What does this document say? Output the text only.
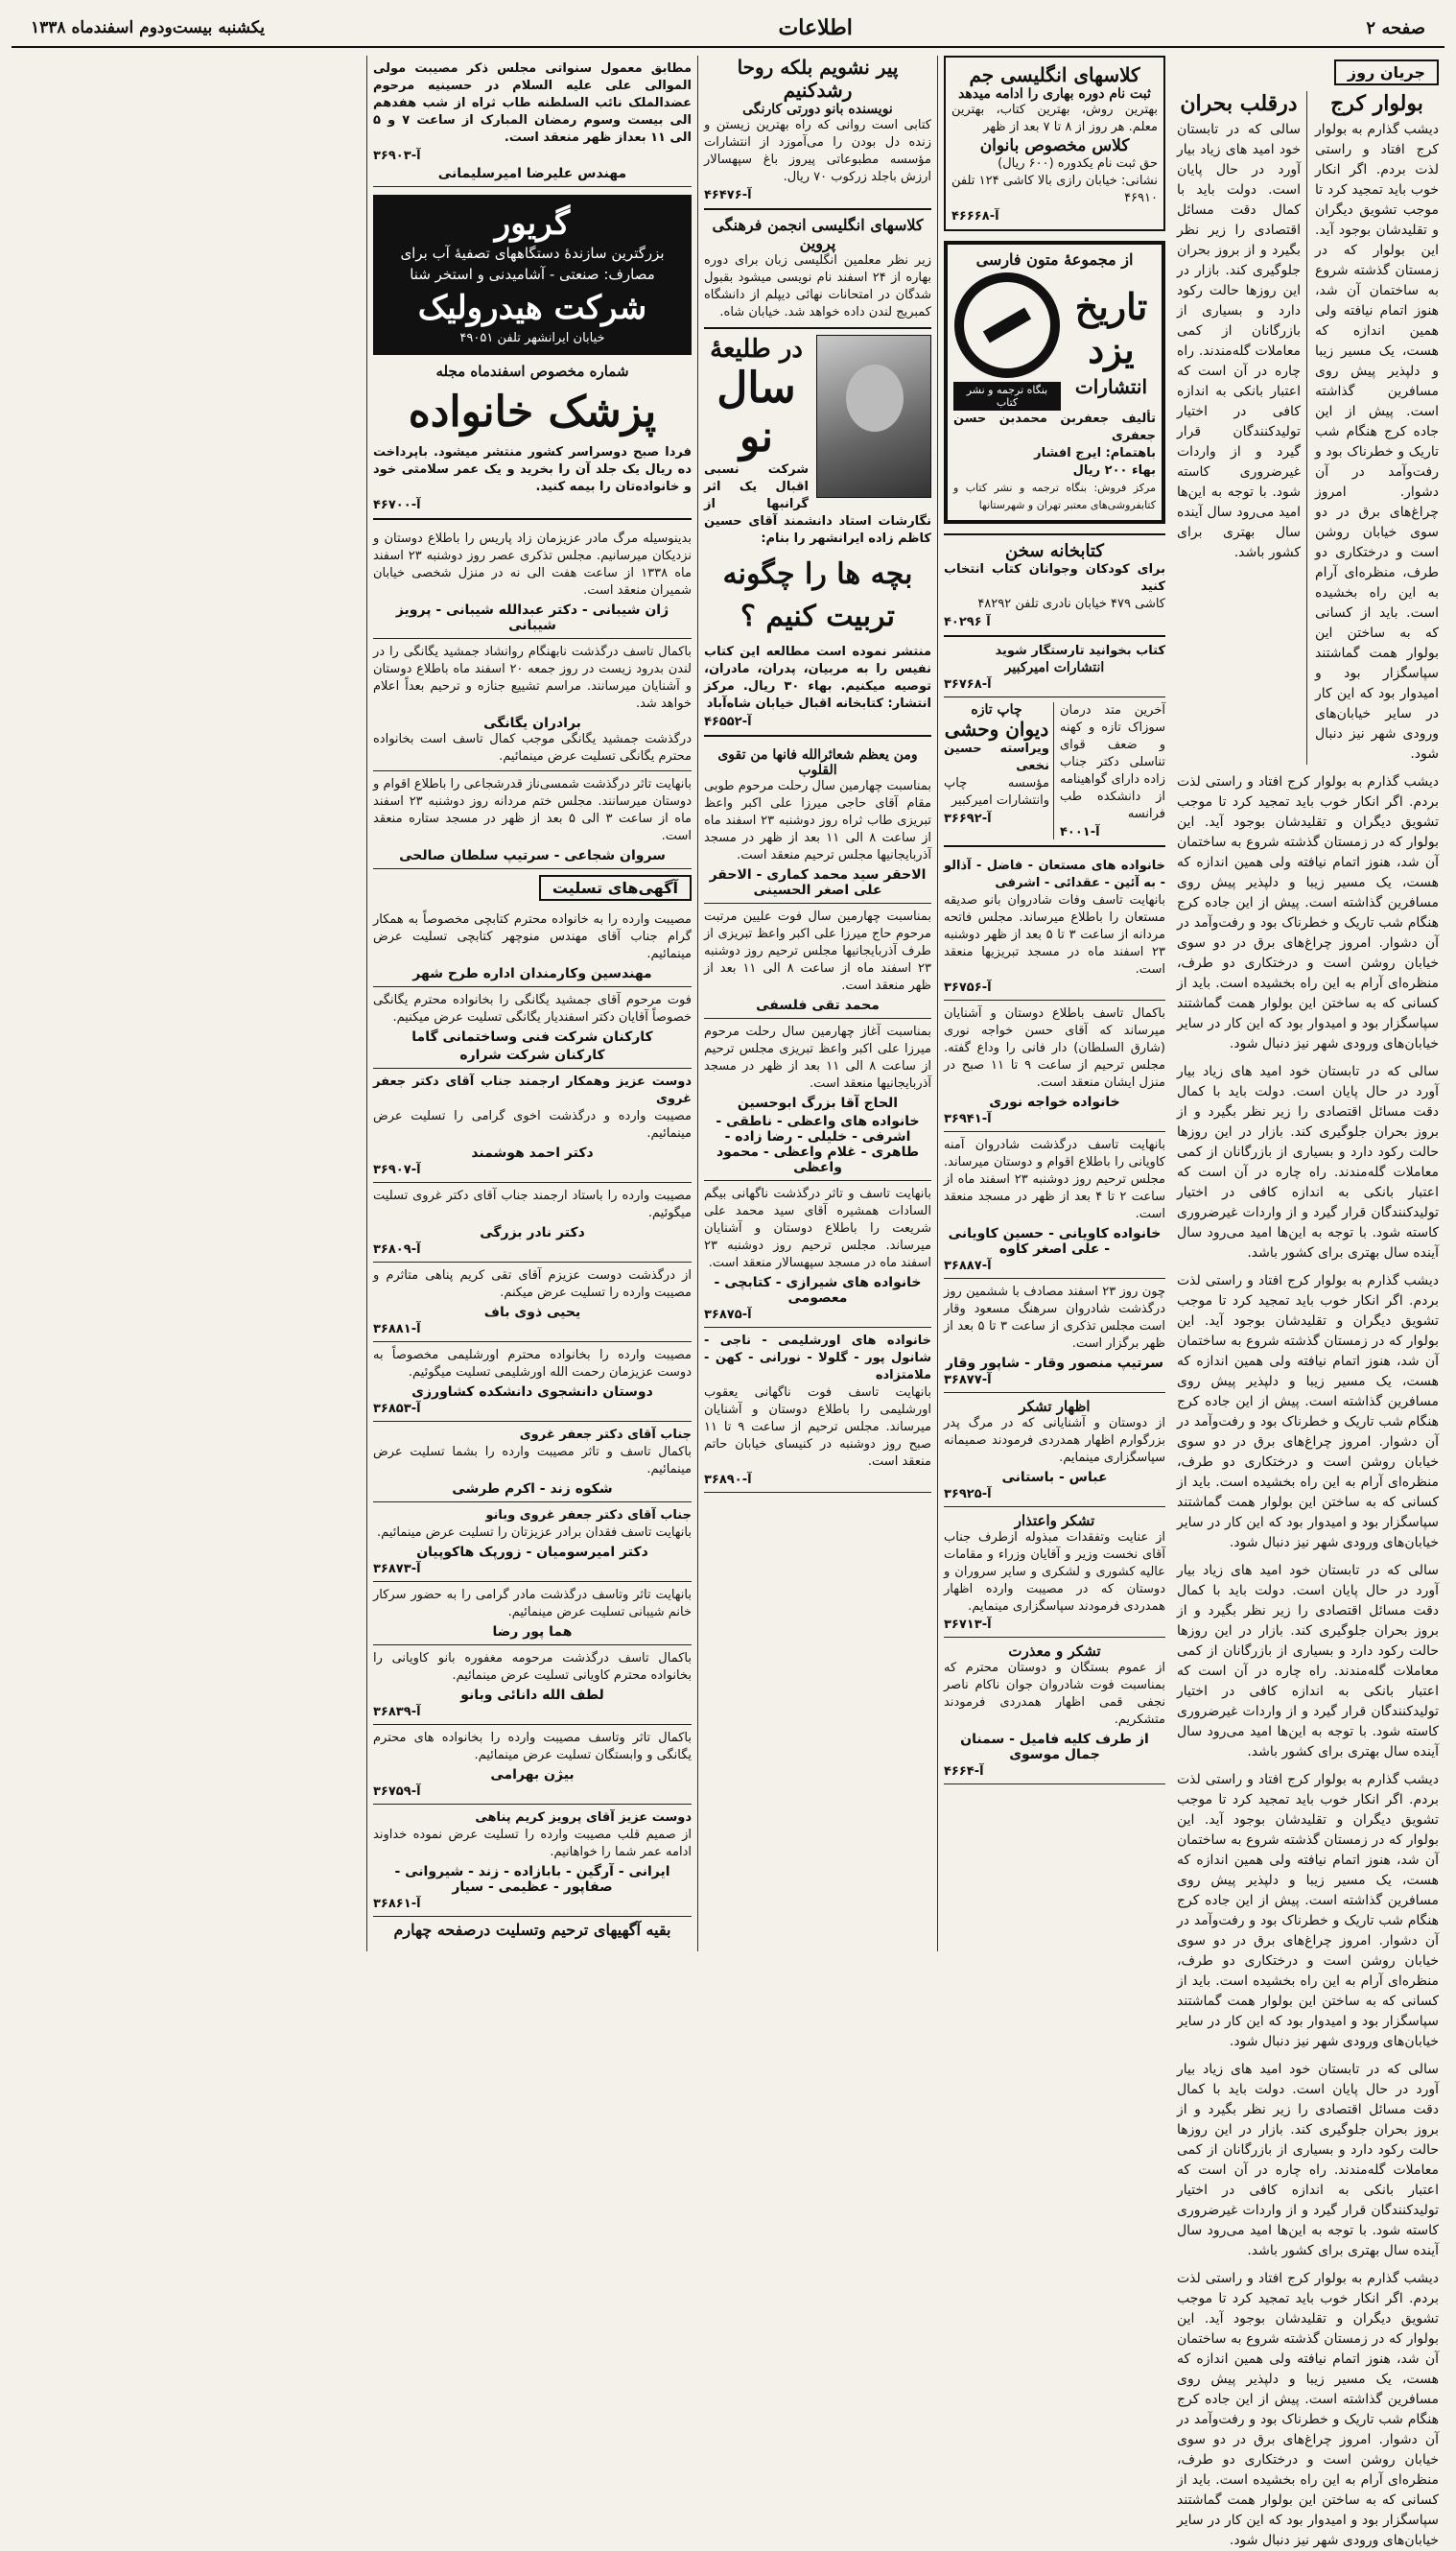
صفحه ۲
اطلاعات
یکشنبه بیست‌ودوم اسفندماه ۱۳۳۸
جریان روز
بولوار کرج
دیشب گذارم به بولوار کرج افتاد و راستی لذت بردم. اگر انکار خوب باید تمجید کرد تا موجب تشویق دیگران و تقلیدشان بوجود آید. این بولوار که در زمستان گذشته شروع به ساختمان آن شد، هنوز اتمام نیافته ولی همین اندازه که هست، یک مسیر زیبا و دلپذیر پیش روی مسافرین گذاشته است. پیش از این جاده کرج هنگام شب تاریک و خطرناک بود و رفت‌وآمد در آن دشوار. امروز چراغ‌های برق در دو سوی خیابان روشن است و درختکاری دو طرف، منظره‌ای آرام به این راه بخشیده است. باید از کسانی که به ساختن این بولوار همت گماشتند سپاسگزار بود و امیدوار بود که این کار در سایر خیابان‌های ورودی شهر نیز دنبال شود.
درقلب بحران
سالی که در تابستان خود امید های زیاد بیار آورد در حال پایان است. دولت باید با کمال دقت مسائل اقتصادی را زیر نظر بگیرد و از بروز بحران جلوگیری کند. بازار در این روزها حالت رکود دارد و بسیاری از بازرگانان از کمی معاملات گله‌مندند. راه چاره در آن است که اعتبار بانکی به اندازه کافی در اختیار تولیدکنندگان قرار گیرد و از واردات غیرضروری کاسته شود. با توجه به این‌ها امید می‌رود سال آینده سال بهتری برای کشور باشد.
دیشب گذارم به بولوار کرج افتاد و راستی لذت بردم. اگر انکار خوب باید تمجید کرد تا موجب تشویق دیگران و تقلیدشان بوجود آید. این بولوار که در زمستان گذشته شروع به ساختمان آن شد، هنوز اتمام نیافته ولی همین اندازه که هست، یک مسیر زیبا و دلپذیر پیش روی مسافرین گذاشته است. پیش از این جاده کرج هنگام شب تاریک و خطرناک بود و رفت‌وآمد در آن دشوار. امروز چراغ‌های برق در دو سوی خیابان روشن است و درختکاری دو طرف، منظره‌ای آرام به این راه بخشیده است. باید از کسانی که به ساختن این بولوار همت گماشتند سپاسگزار بود و امیدوار بود که این کار در سایر خیابان‌های ورودی شهر نیز دنبال شود.
سالی که در تابستان خود امید های زیاد بیار آورد در حال پایان است. دولت باید با کمال دقت مسائل اقتصادی را زیر نظر بگیرد و از بروز بحران جلوگیری کند. بازار در این روزها حالت رکود دارد و بسیاری از بازرگانان از کمی معاملات گله‌مندند. راه چاره در آن است که اعتبار بانکی به اندازه کافی در اختیار تولیدکنندگان قرار گیرد و از واردات غیرضروری کاسته شود. با توجه به این‌ها امید می‌رود سال آینده سال بهتری برای کشور باشد.
دیشب گذارم به بولوار کرج افتاد و راستی لذت بردم. اگر انکار خوب باید تمجید کرد تا موجب تشویق دیگران و تقلیدشان بوجود آید. این بولوار که در زمستان گذشته شروع به ساختمان آن شد، هنوز اتمام نیافته ولی همین اندازه که هست، یک مسیر زیبا و دلپذیر پیش روی مسافرین گذاشته است. پیش از این جاده کرج هنگام شب تاریک و خطرناک بود و رفت‌وآمد در آن دشوار. امروز چراغ‌های برق در دو سوی خیابان روشن است و درختکاری دو طرف، منظره‌ای آرام به این راه بخشیده است. باید از کسانی که به ساختن این بولوار همت گماشتند سپاسگزار بود و امیدوار بود که این کار در سایر خیابان‌های ورودی شهر نیز دنبال شود.
سالی که در تابستان خود امید های زیاد بیار آورد در حال پایان است. دولت باید با کمال دقت مسائل اقتصادی را زیر نظر بگیرد و از بروز بحران جلوگیری کند. بازار در این روزها حالت رکود دارد و بسیاری از بازرگانان از کمی معاملات گله‌مندند. راه چاره در آن است که اعتبار بانکی به اندازه کافی در اختیار تولیدکنندگان قرار گیرد و از واردات غیرضروری کاسته شود. با توجه به این‌ها امید می‌رود سال آینده سال بهتری برای کشور باشد.
دیشب گذارم به بولوار کرج افتاد و راستی لذت بردم. اگر انکار خوب باید تمجید کرد تا موجب تشویق دیگران و تقلیدشان بوجود آید. این بولوار که در زمستان گذشته شروع به ساختمان آن شد، هنوز اتمام نیافته ولی همین اندازه که هست، یک مسیر زیبا و دلپذیر پیش روی مسافرین گذاشته است. پیش از این جاده کرج هنگام شب تاریک و خطرناک بود و رفت‌وآمد در آن دشوار. امروز چراغ‌های برق در دو سوی خیابان روشن است و درختکاری دو طرف، منظره‌ای آرام به این راه بخشیده است. باید از کسانی که به ساختن این بولوار همت گماشتند سپاسگزار بود و امیدوار بود که این کار در سایر خیابان‌های ورودی شهر نیز دنبال شود.
سالی که در تابستان خود امید های زیاد بیار آورد در حال پایان است. دولت باید با کمال دقت مسائل اقتصادی را زیر نظر بگیرد و از بروز بحران جلوگیری کند. بازار در این روزها حالت رکود دارد و بسیاری از بازرگانان از کمی معاملات گله‌مندند. راه چاره در آن است که اعتبار بانکی به اندازه کافی در اختیار تولیدکنندگان قرار گیرد و از واردات غیرضروری کاسته شود. با توجه به این‌ها امید می‌رود سال آینده سال بهتری برای کشور باشد.
دیشب گذارم به بولوار کرج افتاد و راستی لذت بردم. اگر انکار خوب باید تمجید کرد تا موجب تشویق دیگران و تقلیدشان بوجود آید. این بولوار که در زمستان گذشته شروع به ساختمان آن شد، هنوز اتمام نیافته ولی همین اندازه که هست، یک مسیر زیبا و دلپذیر پیش روی مسافرین گذاشته است. پیش از این جاده کرج هنگام شب تاریک و خطرناک بود و رفت‌وآمد در آن دشوار. امروز چراغ‌های برق در دو سوی خیابان روشن است و درختکاری دو طرف، منظره‌ای آرام به این راه بخشیده است. باید از کسانی که به ساختن این بولوار همت گماشتند سپاسگزار بود و امیدوار بود که این کار در سایر خیابان‌های ورودی شهر نیز دنبال شود.
کلاسهای انگلیسی جم
ثبت نام دوره بهاری را ادامه میدهد
بهترین روش، بهترین کتاب، بهترین معلم. هر روز از ۸ تا ۷ بعد از ظهر
کلاس مخصوص بانوان
حق ثبت نام یکدوره (۶۰۰ ریال)
نشانی: خیابان رازی بالا کاشی ۱۲۴ تلفن ۴۶۹۱۰
آ-۴۶۶۶۸
از مجموعهٔ متون فارسی
تاریخ یزد
انتشارات
بنگاه ترجمه و نشر کتاب
تألیف جعفربن محمدبن حسن جعفری
باهتمام: ایرج افشار
بهاء ۲۰۰ ریال
مرکز فروش: بنگاه ترجمه و نشر کتاب و کتابفروشی‌های معتبر تهران و شهرستانها
کتابخانه سخن
برای کودکان وجوانان کتاب انتخاب کنید
کاشی ۴۷۹ خیابان نادری تلفن ۴۸۲۹۲
۴۰۲۹۶ آ
کتاب بخوانید تارستگار شوید
انتشارات امیرکبیر
آ-۳۶۷۶۸
آخرین متد درمان سوزاک تازه و کهنه و ضعف قوای تناسلی دکتر جناب زاده دارای گواهینامه از دانشکده طب فرانسه
آ-۴۰۰۱
چاپ تازه
دیوان وحشی
ویراسته حسین نخعی
مؤسسه چاپ وانتشارات امیرکبیر
آ-۳۶۶۹۲
خانواده های مستعان - فاضل - آذالو - به آئین - عقدائی - اشرفی
بانهایت تاسف وفات شادروان بانو صدیقه مستعان را باطلاع میرساند. مجلس فاتحه مردانه از ساعت ۳ تا ۵ بعد از ظهر دوشنبه ۲۳ اسفند ماه در مسجد تبریزیها منعقد است.
آ-۳۶۷۵۶
باکمال تاسف باطلاع دوستان و آشنایان میرساند که آقای حسن خواجه نوری (شارق السلطان) دار فانی را وداع گفته. مجلس ترحیم از ساعت ۹ تا ۱۱ صبح در منزل ایشان منعقد است.
خانواده خواجه نوری
آ-۳۶۹۴۱
بانهایت تاسف درگذشت شادروان آمنه کاویانی را باطلاع اقوام و دوستان میرساند. مجلس ترحیم روز دوشنبه ۲۳ اسفند ماه از ساعت ۲ تا ۴ بعد از ظهر در مسجد منعقد است.
خانواده کاویانی - حسین کاویانی - علی اصغر کاوه
آ-۳۶۸۸۷
چون روز ۲۳ اسفند مصادف با ششمین روز درگذشت شادروان سرهنگ مسعود وقار است مجلس تذکری از ساعت ۳ تا ۵ بعد از ظهر برگزار است.
سرتیپ منصور وقار - شاپور وقار
آ-۳۶۸۷۷
اظهار تشکر
از دوستان و آشنایانی که در مرگ پدر بزرگوارم اظهار همدردی فرمودند صمیمانه سپاسگزاری مینمایم.
عباس - باستانی
آ-۳۶۹۲۵
تشکر واعتذار
از عنایت وتفقدات مبذوله ازطرف جناب آقای نخست وزیر و آقایان وزراء و مقامات عالیه کشوری و لشکری و سایر سروران و دوستان که در مصیبت وارده اظهار همدردی فرمودند سپاسگزاری مینمایم.
آ-۳۶۷۱۳
تشکر و معذرت
از عموم بستگان و دوستان محترم که بمناسبت فوت شادروان جوان ناکام ناصر نجفی قمی اظهار همدردی فرمودند متشکریم.
از طرف کلیه فامیل - سمنان جمال موسوی
آ-۴۶۶۴
پیر نشویم بلکه روحا رشدکنیم
نویسنده بانو دورتی کارنگی
کتابی است روانی که راه بهترین زیستن و زنده دل بودن را می‌آموزد از انتشارات مؤسسه مطبوعاتی پیروز باغ سپهسالار ارزش باجلد زرکوب ۷۰ ریال.
آ-۴۶۴۷۶
کلاسهای انگلیسی انجمن فرهنگی پروین
زیر نظر معلمین انگلیسی زبان برای دوره بهاره از ۲۴ اسفند نام نویسی میشود بقبول شدگان در امتحانات نهائی دیپلم از دانشگاه کمبریج لندن داده خواهد شد. خیابان شاه.
در طلیعهٔ
سال نو
شرکت نسبی اقبال یک اثر گرانبها از نگارشات استاد دانشمند آقای حسین کاظم زاده ایرانشهر را بنام:
بچه ها را چگونه تربیت کنیم ؟
منتشر نموده است مطالعه این کتاب نفیس را به مربیان، پدران، مادران، توصیه میکنیم. بهاء ۳۰ ریال. مرکز انتشار: کتابخانه اقبال خیابان شاه‌آباد
آ-۴۶۵۵۲
ومن یعظم شعائرالله فانها من تقوی القلوب
بمناسبت چهارمین سال رحلت مرحوم طوبی مقام آقای حاجی میرزا علی اکبر واعظ تبریزی طاب ثراه روز دوشنبه ۲۳ اسفند ماه از ساعت ۸ الی ۱۱ بعد از ظهر در مسجد آذربایجانیها مجلس ترحیم منعقد است.
الاحقر سید محمد کماری - الاحقر علی اصغر الحسینی
بمناسبت چهارمین سال فوت علیین مرتبت مرحوم حاج میرزا علی اکبر واعظ تبریزی از طرف آذربایجانیها مجلس ترحیم روز دوشنبه ۲۳ اسفند ماه از ساعت ۸ الی ۱۱ بعد از ظهر منعقد است.
محمد تقی فلسفی
بمناسبت آغاز چهارمین سال رحلت مرحوم میرزا علی اکبر واعظ تبریزی مجلس ترحیم از ساعت ۸ الی ۱۱ بعد از ظهر در مسجد آذربایجانیها منعقد است.
الحاج آقا بزرگ ابوحسین
خانواده های واعظی - ناطقی - اشرفی - خلیلی - رضا زاده - طاهری - غلام واعظی - محمود واعظی
بانهایت تاسف و تاثر درگذشت ناگهانی بیگم السادات همشیره آقای سید محمد علی شریعت را باطلاع دوستان و آشنایان میرساند. مجلس ترحیم روز دوشنبه ۲۳ اسفند ماه در مسجد سپهسالار منعقد است.
خانواده های شیرازی - کتابچی - معصومی
آ-۳۶۸۷۵
خانواده های اورشلیمی - ناجی - شانول پور - گلولا - نورانی - کهن - ملامتزاده
بانهایت تاسف فوت ناگهانی یعقوب اورشلیمی را باطلاع دوستان و آشنایان میرساند. مجلس ترحیم از ساعت ۹ تا ۱۱ صبح روز دوشنبه در کنیسای خیابان حاتم منعقد است.
آ-۳۶۸۹۰
مطابق معمول سنواتی مجلس ذکر مصیبت مولی الموالی علی علیه السلام در حسینیه مرحوم عضدالملک نائب السلطنه طاب ثراه از شب هفدهم الی بیست وسوم رمضان المبارک از ساعت ۷ و ۵ الی ۱۱ بعداز ظهر منعقد است.
آ-۳۶۹۰۳
مهندس علیرضا امیرسلیمانی
گریور
بزرگترین سازندهٔ دستگاههای تصفیهٔ آب برای مصارف: صنعتی - آشامیدنی و استخر شنا
شرکت هیدرولیک
خیابان ایرانشهر تلفن ۴۹۰۵۱
شماره مخصوص اسفندماه مجله
پزشک خانواده
فردا صبح دوسراسر کشور منتشر میشود. باپرداخت ده ریال یک جلد آن را بخرید و یک عمر سلامتی خود و خانواده‌تان را بیمه کنید.
آ-۴۶۷۰۰
بدینوسیله مرگ مادر عزیزمان زاد پاریس را باطلاع دوستان و نزدیکان میرسانیم. مجلس تذکری عصر روز دوشنبه ۲۳ اسفند ماه ۱۳۳۸ از ساعت هفت الی نه در منزل شخصی خیابان شمیران منعقد است.
ژان شیبانی - دکتر عبدالله شیبانی - پرویز شیبانی
باکمال تاسف درگذشت نابهنگام روانشاد جمشید یگانگی را در لندن بدرود زیست در روز جمعه ۲۰ اسفند ماه باطلاع دوستان و آشنایان میرسانند. مراسم تشییع جنازه و ترحیم بعداً اعلام خواهد شد.
برادران یگانگی
درگذشت جمشید یگانگی موجب کمال تاسف است بخانواده محترم یگانگی تسلیت عرض مینمائیم.
بانهایت تاثر درگذشت شمسی‌ناز قدرشجاعی را باطلاع اقوام و دوستان میرسانند. مجلس ختم مردانه روز دوشنبه ۲۳ اسفند ماه از ساعت ۳ الی ۵ بعد از ظهر در مسجد ستاره منعقد است.
سروان شجاعی - سرتیپ سلطان صالحی
آگهی‌های تسلیت
مصیبت وارده را به خانواده محترم کتابچی مخصوصاً به همکار گرام جناب آقای مهندس منوچهر کتابچی تسلیت عرض مینمائیم.
مهندسین وکارمندان اداره طرح شهر
فوت مرحوم آقای جمشید یگانگی را بخانواده محترم یگانگی خصوصاً آقایان دکتر اسفندیار یگانگی تسلیت عرض میکنیم.
کارکنان شرکت فنی وساختمانی گاما
کارکنان شرکت شراره
دوست عزیز وهمکار ارجمند جناب آقای دکتر جعفر غروی
مصیبت وارده و درگذشت اخوی گرامی را تسلیت عرض مینمائیم.
دکتر احمد هوشمند
آ-۳۶۹۰۷
مصیبت وارده را باستاد ارجمند جناب آقای دکتر غروی تسلیت میگوئیم.
دکتر نادر بزرگی
آ-۳۶۸۰۹
از درگذشت دوست عزیزم آقای تقی کریم پناهی متاثرم و مصیبت وارده را تسلیت عرض میکنم.
یحیی ذوی باف
آ-۳۶۸۸۱
مصیبت وارده را بخانواده محترم اورشلیمی مخصوصاً به دوست عزیزمان رحمت الله اورشلیمی تسلیت میگوئیم.
دوستان دانشجوی دانشکده کشاورزی
آ-۳۶۸۵۳
جناب آقای دکتر جعفر غروی
باکمال تاسف و تاثر مصیبت وارده را بشما تسلیت عرض مینمائیم.
شکوه زند - اکرم طرشی
جناب آقای دکتر جعفر غروی وبانو
بانهایت تاسف فقدان برادر عزیزتان را تسلیت عرض مینمائیم.
دکتر امیرسومیان - زورپک هاکوپیان
آ-۳۶۸۷۳
بانهایت تاثر وتاسف درگذشت مادر گرامی را به حضور سرکار خانم شیبانی تسلیت عرض مینمائیم.
هما پور رضا
باکمال تاسف درگذشت مرحومه مغفوره بانو کاویانی را بخانواده محترم کاویانی تسلیت عرض مینمائیم.
لطف الله دانائی وبانو
آ-۳۶۸۳۹
باکمال تاثر وتاسف مصیبت وارده را بخانواده های محترم یگانگی و وابستگان تسلیت عرض مینمائیم.
بیژن بهرامی
آ-۳۶۷۵۹
دوست عزیز آقای پرویز کریم پناهی
از صمیم قلب مصیبت وارده را تسلیت عرض نموده خداوند ادامه عمر شما را خواهانیم.
ایرانی - آرگین - بابازاده - زند - شیروانی - صفاپور - عظیمی - سیار
آ-۳۶۸۶۱
بقیه آگهیهای ترحیم وتسلیت درصفحه چهارم
